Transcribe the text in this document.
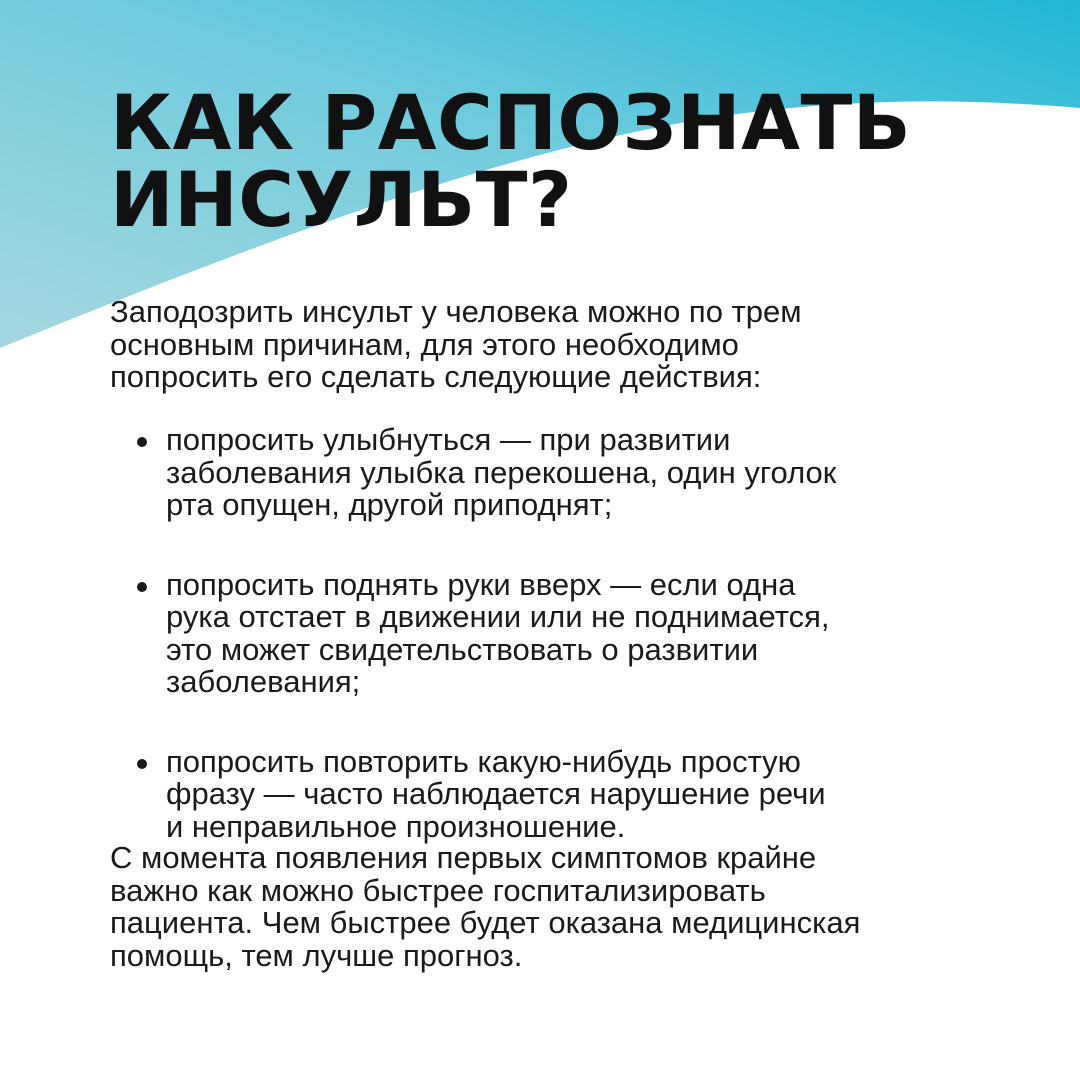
КАК РАСПОЗНАТЬ
ИНСУЛЬТ?

Заподозрить инсульт у человека можно по трем
основным причинам, для этого необходимо
попросить его сделать следующие действия:

попросить улыбнуться — при развитии
заболевания улыбка перекошена, один уголок
рта опущен, другой приподнят;
попросить поднять руки вверх — если одна
рука отстает в движении или не поднимается,
это может свидетельствовать о развитии
заболевания;
попросить повторить какую-нибудь простую
фразу — часто наблюдается нарушение речи
и неправильное произношение.

С момента появления первых симптомов крайне
важно как можно быстрее госпитализировать
пациента. Чем быстрее будет оказана медицинская
помощь, тем лучше прогноз.
